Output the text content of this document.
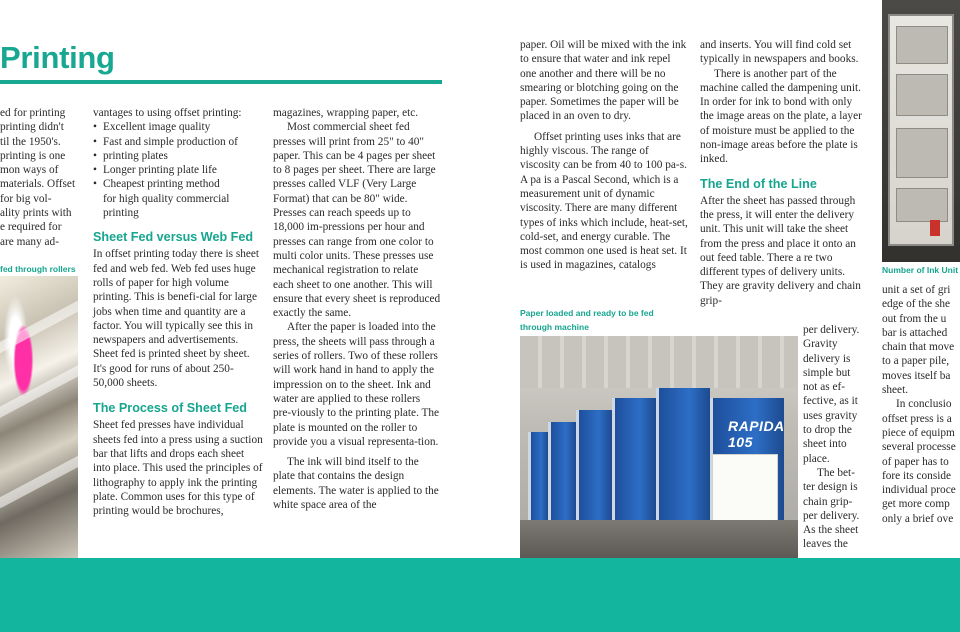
Printing

ed for printing

printing didn't

til the 1950's.

printing is one

mon ways of

materials. Offset

for big vol-

ality prints with

e required for

are many ad-

fed through rollers

vantages to using offset printing:

• Excellent image quality
• Fast and simple production of
• printing plates
• Longer printing plate life
• Cheapest printing method

for high quality commercial printing

Sheet Fed versus Web Fed

In offset printing today there is sheet fed and web fed. Web fed uses huge rolls of paper for high volume printing. This is benefi-cial for large jobs when time and quantity are a factor. You will typically see this in newspapers and advertisements. Sheet fed is printed sheet by sheet. It's good for runs of about 250-50,000 sheets.

The Process of Sheet Fed

Sheet fed presses have individual sheets fed into a press using a suction bar that lifts and drops each sheet into place. This used the principles of lithography to apply ink the printing plate. Common uses for this type of printing would be brochures,

magazines, wrapping paper, etc.

Most commercial sheet fed presses will print from 25" to 40" paper. This can be 4 pages per sheet to 8 pages per sheet. There are large presses called VLF (Very Large Format) that can be 80" wide. Presses can reach speeds up to 18,000 im-pressions per hour and presses can range from one color to multi color units. These presses use mechanical registration to relate each sheet to one another. This will ensure that every sheet is reproduced exactly the same.

After the paper is loaded into the press, the sheets will pass through a series of rollers. Two of these rollers will work hand in hand to apply the impression on to the sheet. Ink and water are applied to these rollers pre-viously to the printing plate. The plate is mounted on the roller to provide you a visual representa-tion.

The ink will bind itself to the plate that contains the design elements. The water is applied to the white space area of the

paper. Oil will be mixed with the ink to ensure that water and ink repel one another and there will be no smearing or blotching going on the paper. Sometimes the paper will be placed in an oven to dry.

Offset printing uses inks that are highly viscous. The range of viscosity can be from 40 to 100 pa-s. A pa is a Pascal Second, which is a measurement unit of dynamic viscosity. There are many different types of inks which include, heat-set, cold-set, and energy curable. The most common one used is heat set. It is used in magazines, catalogs

Paper loaded and ready to be fed
through machine
RAPIDA 105

and inserts. You will find cold set typically in newspapers and books.

There is another part of the machine called the dampening unit. In order for ink to bond with only the image areas on the plate, a layer of moisture must be applied to the non-image areas before the plate is inked.

The End of the Line

After the sheet has passed through the press, it will enter the delivery unit. This unit will take the sheet from the press and place it onto an out feed table. There a re two different types of delivery units. They are gravity delivery and chain grip-

per delivery. Gravity delivery is simple but not as ef-fective, as it uses gravity to drop the sheet into place.

The bet-ter design is chain grip-per delivery. As the sheet leaves the

Number of Ink Unit

unit a set of gri

edge of the she

out from the u

bar is attached

chain that move

to a paper pile,

moves itself ba

sheet.

In conclusio

offset press is a

piece of equipm

several processe

of paper has to

fore its conside

individual proce

get more comp

only a brief ove
